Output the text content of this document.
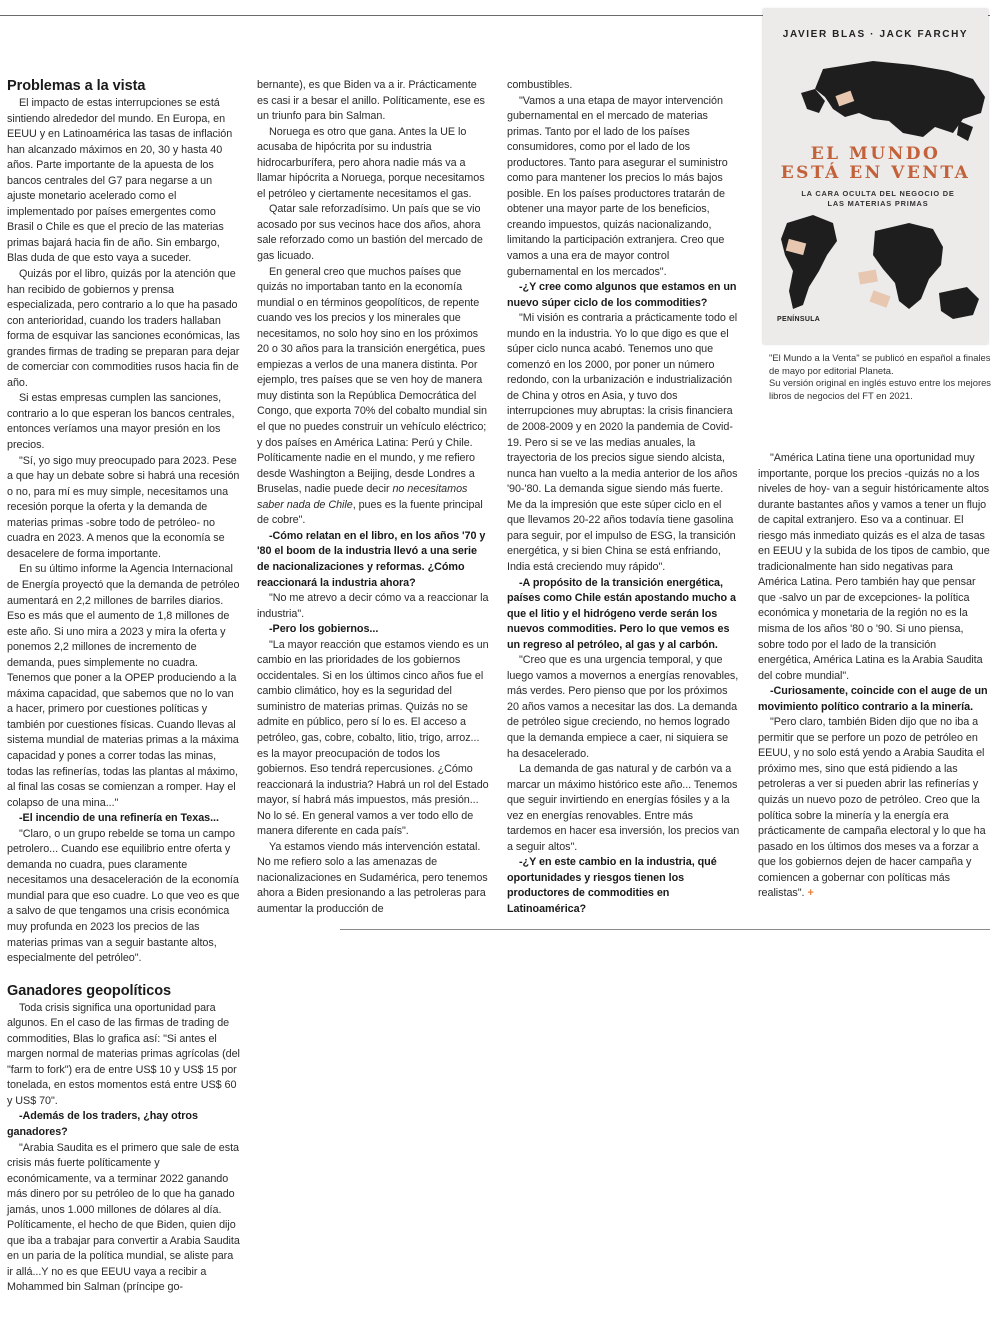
Problemas a la vista

El impacto de estas interrupciones se está sintiendo alrededor del mundo. En Europa, en EEUU y en Latinoamérica las tasas de inflación han alcanzado máximos en 20, 30 y hasta 40 años. Parte importante de la apuesta de los bancos centrales del G7 para negarse a un ajuste monetario acelerado como el implementado por países emergentes como Brasil o Chile es que el precio de las materias primas bajará hacia fin de año. Sin embargo, Blas duda de que esto vaya a suceder.

Quizás por el libro, quizás por la atención que han recibido de gobiernos y prensa especializada, pero contrario a lo que ha pasado con anterioridad, cuando los traders hallaban forma de esquivar las sanciones económicas, las grandes firmas de trading se preparan para dejar de comerciar con commodities rusos hacia fin de año.

Si estas empresas cumplen las sanciones, contrario a lo que esperan los bancos centrales, entonces veríamos una mayor presión en los precios.

"Sí, yo sigo muy preocupado para 2023. Pese a que hay un debate sobre si habrá una recesión o no, para mí es muy simple, necesitamos una recesión porque la oferta y la demanda de materias primas -sobre todo de petróleo- no cuadra en 2023. A menos que la economía se desacelere de forma importante.

En su último informe la Agencia Internacional de Energía proyectó que la demanda de petróleo aumentará en 2,2 millones de barriles diarios. Eso es más que el aumento de 1,8 millones de este año. Si uno mira a 2023 y mira la oferta y ponemos 2,2 millones de incremento de demanda, pues simplemente no cuadra. Tenemos que poner a la OPEP produciendo a la máxima capacidad, que sabemos que no lo van a hacer, primero por cuestiones políticas y también por cuestiones físicas. Cuando llevas al sistema mundial de materias primas a la máxima capacidad y pones a correr todas las minas, todas las refinerías, todas las plantas al máximo, al final las cosas se comienzan a romper. Hay el colapso de una mina..."

-El incendio de una refinería en Texas...

"Claro, o un grupo rebelde se toma un campo petrolero... Cuando ese equilibrio entre oferta y demanda no cuadra, pues claramente necesitamos una desaceleración de la economía mundial para que eso cuadre. Lo que veo es que a salvo de que tengamos una crisis económica muy profunda en 2023 los precios de las materias primas van a seguir bastante altos, especialmente del petróleo".

Ganadores geopolíticos

Toda crisis significa una oportunidad para algunos. En el caso de las firmas de trading de commodities, Blas lo grafica así: "Si antes el margen normal de materias primas agrícolas (del "farm to fork") era de entre US$ 10 y US$ 15 por tonelada, en estos momentos está entre US$ 60 y US$ 70".

-Además de los traders, ¿hay otros ganadores?

"Arabia Saudita es el primero que sale de esta crisis más fuerte políticamente y económicamente, va a terminar 2022 ganando más dinero por su petróleo de lo que ha ganado jamás, unos 1.000 millones de dólares al día. Políticamente, el hecho de que Biden, quien dijo que iba a trabajar para convertir a Arabia Saudita en un paria de la política mundial, se aliste para ir allá...Y no es que EEUU vaya a recibir a Mohammed bin Salman (príncipe go-

bernante), es que Biden va a ir. Prácticamente es casi ir a besar el anillo. Políticamente, ese es un triunfo para bin Salman.

Noruega es otro que gana. Antes la UE lo acusaba de hipócrita por su industria hidrocarburífera, pero ahora nadie más va a llamar hipócrita a Noruega, porque necesitamos el petróleo y ciertamente necesitamos el gas.

Qatar sale reforzadísimo. Un país que se vio acosado por sus vecinos hace dos años, ahora sale reforzado como un bastión del mercado de gas licuado.

En general creo que muchos países que quizás no importaban tanto en la economía mundial o en términos geopolíticos, de repente cuando ves los precios y los minerales que necesitamos, no solo hoy sino en los próximos 20 o 30 años para la transición energética, pues empiezas a verlos de una manera distinta. Por ejemplo, tres países que se ven hoy de manera muy distinta son la República Democrática del Congo, que exporta 70% del cobalto mundial sin el que no puedes construir un vehículo eléctrico; y dos países en América Latina: Perú y Chile. Políticamente nadie en el mundo, y me refiero desde Washington a Beijing, desde Londres a Bruselas, nadie puede decir no necesitamos saber nada de Chile, pues es la fuente principal de cobre".

-Cómo relatan en el libro, en los años '70 y '80 el boom de la industria llevó a una serie de nacionalizaciones y reformas. ¿Cómo reaccionará la industria ahora?

"No me atrevo a decir cómo va a reaccionar la industria".

-Pero los gobiernos...

"La mayor reacción que estamos viendo es un cambio en las prioridades de los gobiernos occidentales. Si en los últimos cinco años fue el cambio climático, hoy es la seguridad del suministro de materias primas. Quizás no se admite en público, pero sí lo es. El acceso a petróleo, gas, cobre, cobalto, litio, trigo, arroz... es la mayor preocupación de todos los gobiernos. Eso tendrá repercusiones. ¿Cómo reaccionará la industria? Habrá un rol del Estado mayor, sí habrá más impuestos, más presión... No lo sé. En general vamos a ver todo ello de manera diferente en cada país".

Ya estamos viendo más intervención estatal. No me refiero solo a las amenazas de nacionalizaciones en Sudamérica, pero tenemos ahora a Biden presionando a las petroleras para aumentar la producción de

combustibles.

"Vamos a una etapa de mayor intervención gubernamental en el mercado de materias primas. Tanto por el lado de los países consumidores, como por el lado de los productores. Tanto para asegurar el suministro como para mantener los precios lo más bajos posible. En los países productores tratarán de obtener una mayor parte de los beneficios, creando impuestos, quizás nacionalizando, limitando la participación extranjera. Creo que vamos a una era de mayor control gubernamental en los mercados".

-¿Y cree como algunos que estamos en un nuevo súper ciclo de los commodities?

"Mi visión es contraria a prácticamente todo el mundo en la industria. Yo lo que digo es que el súper ciclo nunca acabó. Tenemos uno que comenzó en los 2000, por poner un número redondo, con la urbanización e industrialización de China y otros en Asia, y tuvo dos interrupciones muy abruptas: la crisis financiera de 2008-2009 y en 2020 la pandemia de Covid-19. Pero si se ve las medias anuales, la trayectoria de los precios sigue siendo alcista, nunca han vuelto a la media anterior de los años '90-'80. La demanda sigue siendo más fuerte. Me da la impresión que este súper ciclo en el que llevamos 20-22 años todavía tiene gasolina para seguir, por el impulso de ESG, la transición energética, y si bien China se está enfriando, India está creciendo muy rápido".

-A propósito de la transición energética, países como Chile están apostando mucho a que el litio y el hidrógeno verde serán los nuevos commodities. Pero lo que vemos es un regreso al petróleo, al gas y al carbón.

"Creo que es una urgencia temporal, y que luego vamos a movernos a energías renovables, más verdes. Pero pienso que por los próximos 20 años vamos a necesitar las dos. La demanda de petróleo sigue creciendo, no hemos logrado que la demanda empiece a caer, ni siquiera se ha desacelerado.

La demanda de gas natural y de carbón va a marcar un máximo histórico este año... Tenemos que seguir invirtiendo en energías fósiles y a la vez en energías renovables. Entre más tardemos en hacer esa inversión, los precios van a seguir altos".

-¿Y en este cambio en la industria, qué oportunidades y riesgos tienen los productores de commodities en Latinoamérica?

JAVIER BLAS · JACK FARCHY
EL MUNDO
ESTÁ EN VENTA
LA CARA OCULTA DEL NEGOCIO DE LAS MATERIAS PRIMAS
PENÍNSULA
"El Mundo a la Venta" se publicó en español a finales de mayo por editorial Planeta.
Su versión original en inglés estuvo entre los mejores libros de negocios del FT en 2021.

"América Latina tiene una oportunidad muy importante, porque los precios -quizás no a los niveles de hoy- van a seguir históricamente altos durante bastantes años y vamos a tener un flujo de capital extranjero. Eso va a continuar. El riesgo más inmediato quizás es el alza de tasas en EEUU y la subida de los tipos de cambio, que tradicionalmente han sido negativas para América Latina. Pero también hay que pensar que -salvo un par de excepciones- la política económica y monetaria de la región no es la misma de los años '80 o '90. Si uno piensa, sobre todo por el lado de la transición energética, América Latina es la Arabia Saudita del cobre mundial".

-Curiosamente, coincide con el auge de un movimiento político contrario a la minería.

"Pero claro, también Biden dijo que no iba a permitir que se perfore un pozo de petróleo en EEUU, y no solo está yendo a Arabia Saudita el próximo mes, sino que está pidiendo a las petroleras a ver si pueden abrir las refinerías y quizás un nuevo pozo de petróleo. Creo que la política sobre la minería y la energía era prácticamente de campaña electoral y lo que ha pasado en los últimos dos meses va a forzar a que los gobiernos dejen de hacer campaña y comiencen a gobernar con políticas más realistas". +
